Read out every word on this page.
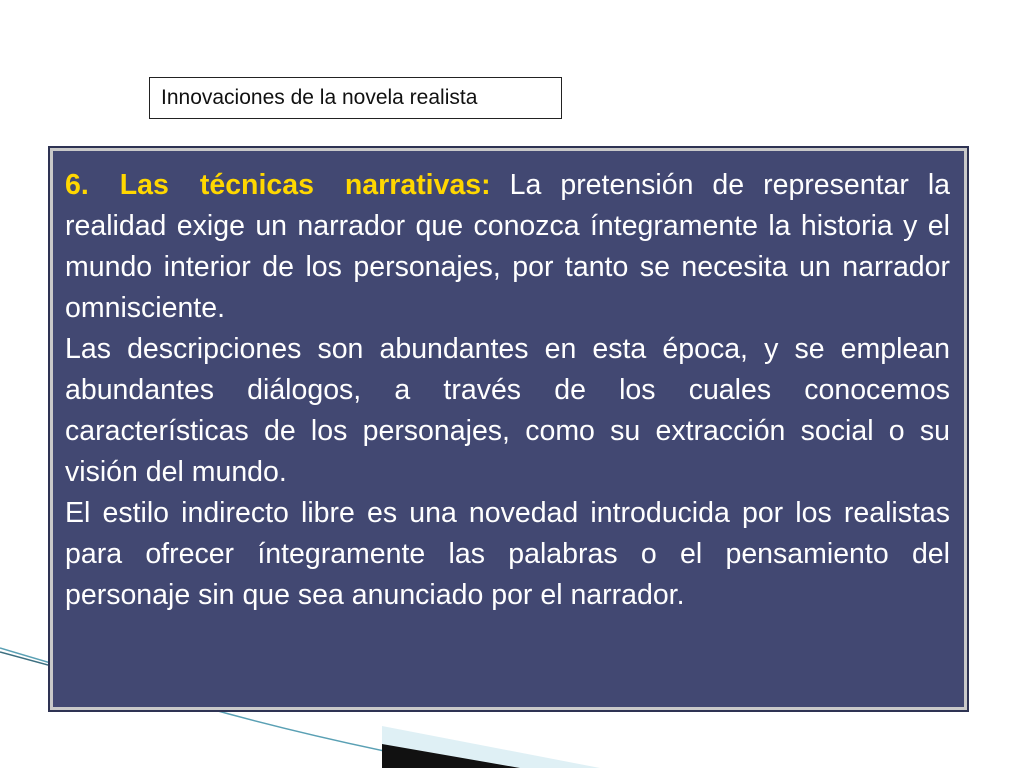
Innovaciones de la novela realista

6. Las técnicas narrativas: La pretensión de representar la realidad exige un narrador que conozca íntegramente la historia y el mundo interior de los personajes, por tanto se necesita un narrador omnisciente.

Las descripciones son abundantes en esta época, y se emplean abundantes diálogos, a través de los cuales conocemos características de los personajes, como su extracción social o su visión del mundo.

El estilo indirecto libre es una novedad introducida por los realistas para ofrecer íntegramente las palabras o el pensamiento del personaje sin que sea anunciado por el narrador.
